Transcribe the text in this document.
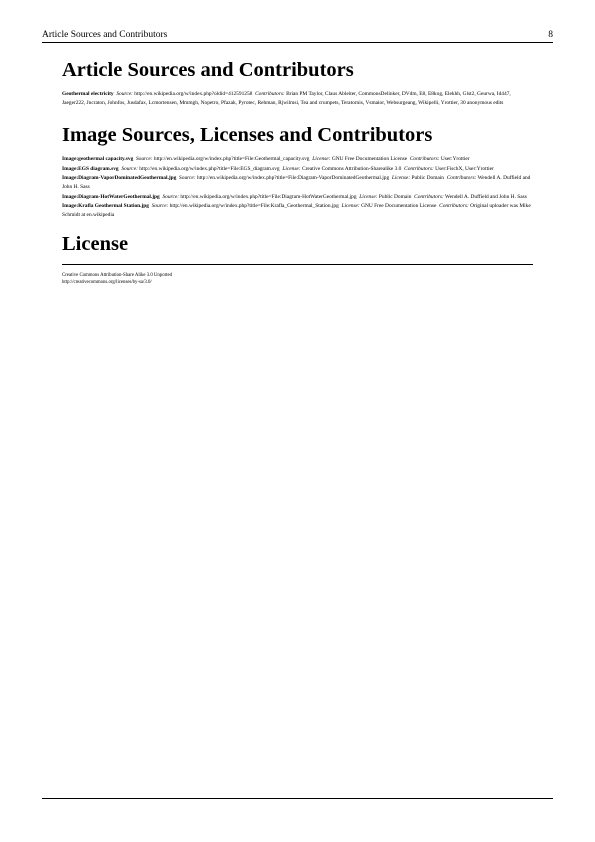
Article Sources and Contributors	8
Article Sources and Contributors

Geothermal electricity Source: http://en.wikipedia.org/w/index.php?oldid=412591258 Contributors: Brian PM Taylor, Claus Ableiter, CommonsDelinker, DVdm, E8, E8kog, Elekhh, Glst2, Geurwa, Id447, Jaeger222, Jncraton, Johnfos, Jusdafax, Lcmortensen, Mmmgh, Nopetro, Pfazak, Pyrotec, Rehman, Rjwilmsi, Tea and crumpets, Teratornis, Vsmaior, Websurgeang, Wikipelli, Yrottier, 30 anonymous edits

Image Sources, Licenses and Contributors

Image:geothermal capacity.svg Source: http://en.wikipedia.org/w/index.php?title=File:Geothermal_capacity.svg License: GNU Free Documentation License Contributors: User:Yrottier

Image:EGS diagram.svg Source: http://en.wikipedia.org/w/index.php?title=File:EGS_diagram.svg License: Creative Commons Attribution-Sharealike 3.0 Contributors: User:FischX, User:Yrottier

Image:Diagram-VaporDominatedGeothermal.jpg Source: http://en.wikipedia.org/w/index.php?title=File:Diagram-VaporDominatedGeothermal.jpg License: Public Domain Contributors: Wendell A. Duffield and John H. Sass

Image:Diagram-HotWaterGeothermal.jpg Source: http://en.wikipedia.org/w/index.php?title=File:Diagram-HotWaterGeothermal.jpg License: Public Domain Contributors: Wendell A. Duffield and John H. Sass

Image:Krafla Geothermal Station.jpg Source: http://en.wikipedia.org/w/index.php?title=File:Krafla_Geothermal_Station.jpg License: GNU Free Documentation License Contributors: Original uploader was Mike Schmidt at en.wikipedia

License
Creative Commons Attribution-Share Alike 3.0 Unported
http://creativecommons.org/licenses/by-sa/3.0/
